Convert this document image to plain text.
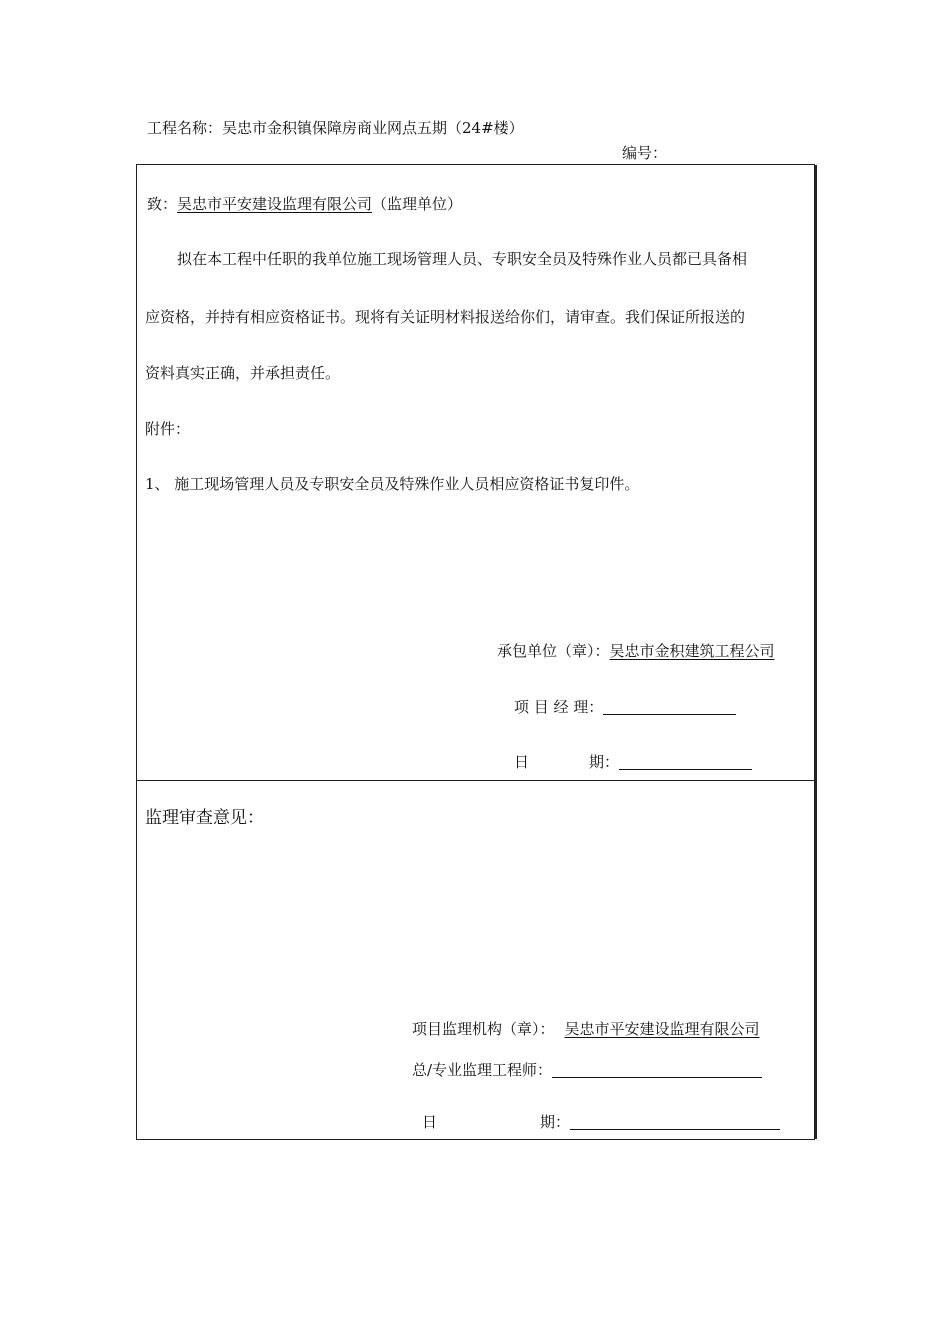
工程名称：吴忠市金积镇保障房商业网点五期（24#楼）
编号：
致：吴忠市平安建设监理有限公司（监理单位）
拟在本工程中任职的我单位施工现场管理人员、专职安全员及特殊作业人员都已具备相
应资格，并持有相应资格证书。现将有关证明材料报送给你们，请审查。我们保证所报送的
资料真实正确，并承担责任。
附件：
1、 施工现场管理人员及专职安全员及特殊作业人员相应资格证书复印件。
承包单位（章）：吴忠市金积建筑工程公司
项 目 经 理：
日	期：
监理审查意见：
项目监理机构（章）： 吴忠市平安建设监理有限公司
总/专业监理工程师：
日	期：
